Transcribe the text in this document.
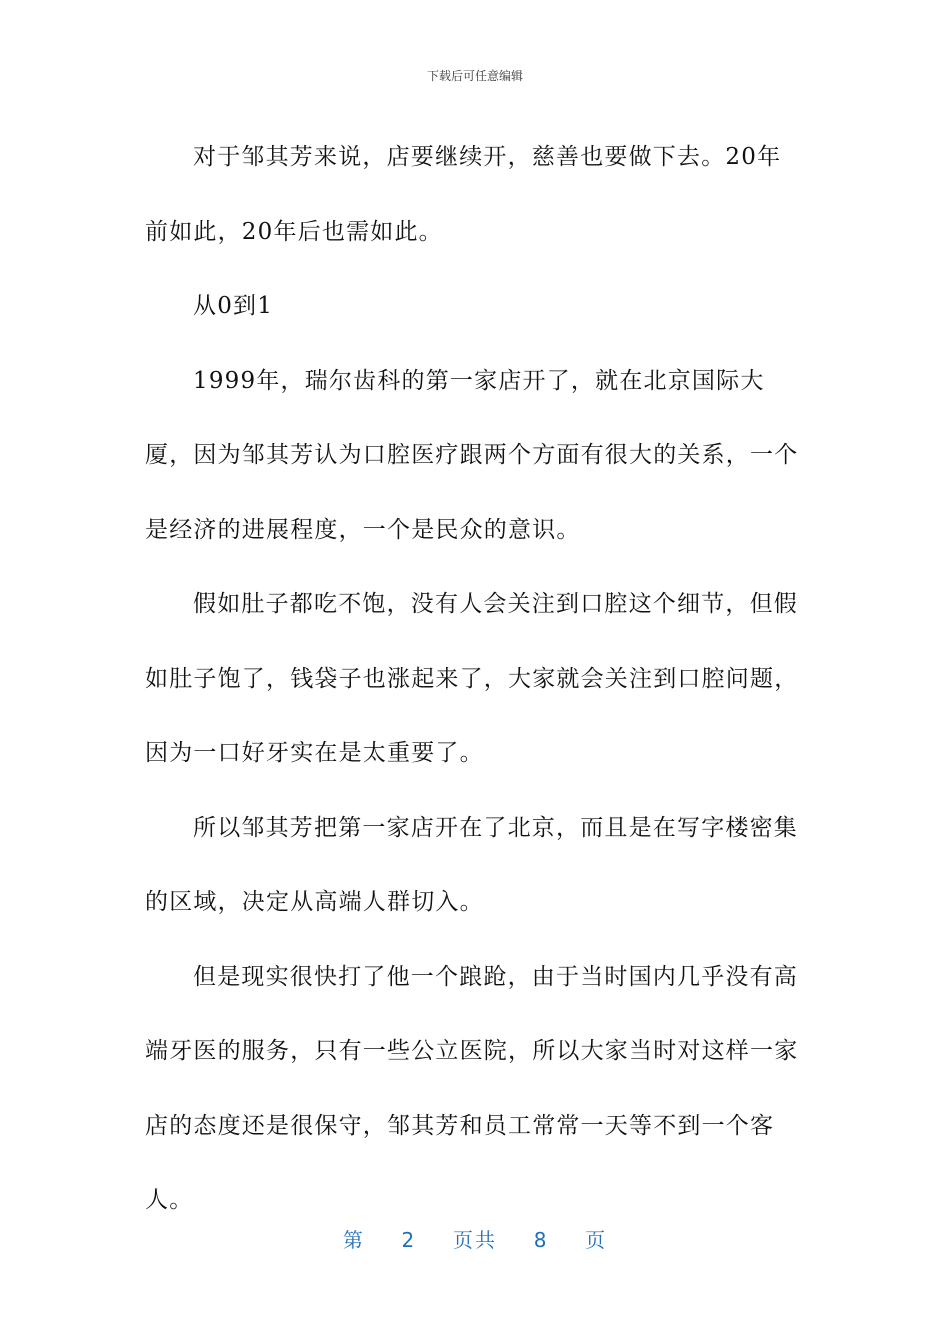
下载后可任意编辑

对于邹其芳来说，店要继续开，慈善也要做下去。20年前如此，20年后也需如此。

从0到1

1999年，瑞尔齿科的第一家店开了，就在北京国际大厦，因为邹其芳认为口腔医疗跟两个方面有很大的关系，一个是经济的进展程度，一个是民众的意识。

假如肚子都吃不饱，没有人会关注到口腔这个细节，但假如肚子饱了，钱袋子也涨起来了，大家就会关注到口腔问题，因为一口好牙实在是太重要了。

所以邹其芳把第一家店开在了北京，而且是在写字楼密集的区域，决定从高端人群切入。

但是现实很快打了他一个踉跄，由于当时国内几乎没有高端牙医的服务，只有一些公立医院，所以大家当时对这样一家店的态度还是很保守，邹其芳和员工常常一天等不到一个客人。

第 2 页共 8 页
